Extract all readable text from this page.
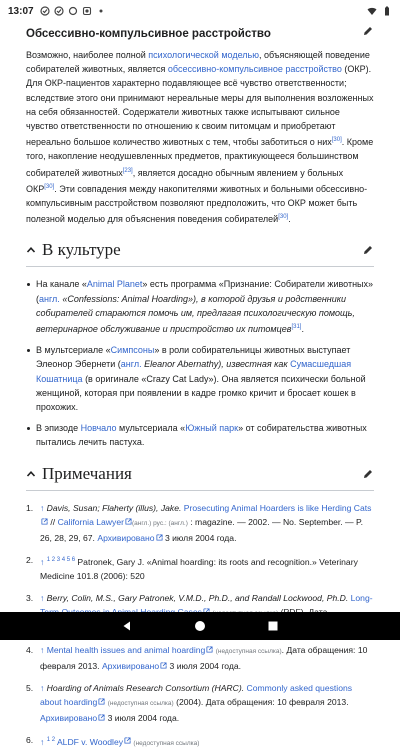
13:07
Обсессивно-компульсивное расстройство

Возможно, наиболее полной психологической моделью, объясняющей поведение собирателей животных, является обсессивно-компульсивное расстройство (ОКР). Для ОКР-пациентов характерно подавляющее всё чувство ответственности; вследствие этого они принимают нереальные меры для выполнения возложенных на себя обязанностей. Содержатели животных также испытывают сильное чувство ответственности по отношению к своим питомцам и приобретают нереально большое количество животных с тем, чтобы заботиться о них[30]. Кроме того, накопление неодушевленных предметов, практикующееся большинством собирателей животных[23], является досадно обычным явлением у больных ОКР[30]. Эти совпадения между накопителями животных и больными обсессивно-компульсивным расстройством позволяют предположить, что ОКР может быть полезной моделью для объяснения поведения собирателей[30].

В культуре
На канале «Animal Planet» есть программа «Признание: Собиратели животных» (англ. «Confessions: Animal Hoarding»), в которой друзья и родственники собирателей стараются помочь им, предлагая психологическую помощь, ветеринарное обслуживание и пристройство их питомцев[31].
В мультсериале «Симпсоны» в роли собирательницы животных выступает Элеонор Эбернети (англ. Eleanor Abernathy), известная как Сумасшедшая Кошатница (в оригинале «Crazy Cat Lady»). Она является психически больной женщиной, которая при появлении в кадре громко кричит и бросает кошек в прохожих.
В эпизоде Новчало мультсериала «Южный парк» от собирательства животных пытались лечить пастуха.
Примечания
1. ↑ Davis, Susan; Flaherty (illus), Jake. Prosecuting Animal Hoarders is like Herding Cats // California Lawyer (англ.) рус.: (англ.) : magazine. — 2002. — No. September. — P. 26, 28, 29, 67. Архивировано 3 июля 2004 года.
2. ↑ $^{1 2 3 4 5 6}$ Patronek, Gary J. «Animal hoarding: its roots and recognition.» Veterinary Medicine 101.8 (2006): 520
3. ↑ Berry, Colin, M.S., Gary Patronek, V.M.D., Ph.D., and Randall Lockwood, Ph.D. Long-
4. ↑ Mental health issues and animal hoarding (недоступная ссылка). Дата обращения: 10 февраля 2013. Архивировано 3 июля 2004 года.
5. ↑ Hoarding of Animals Research Consortium (HARC). Commonly asked questions about hoarding (недоступная ссылка) (2004). Дата обращения: 10 февраля 2013. Архивировано 3 июля 2004 года.
6. ↑ $^{1 2}$ ALDF v. Woodley (недоступная ссылка)
